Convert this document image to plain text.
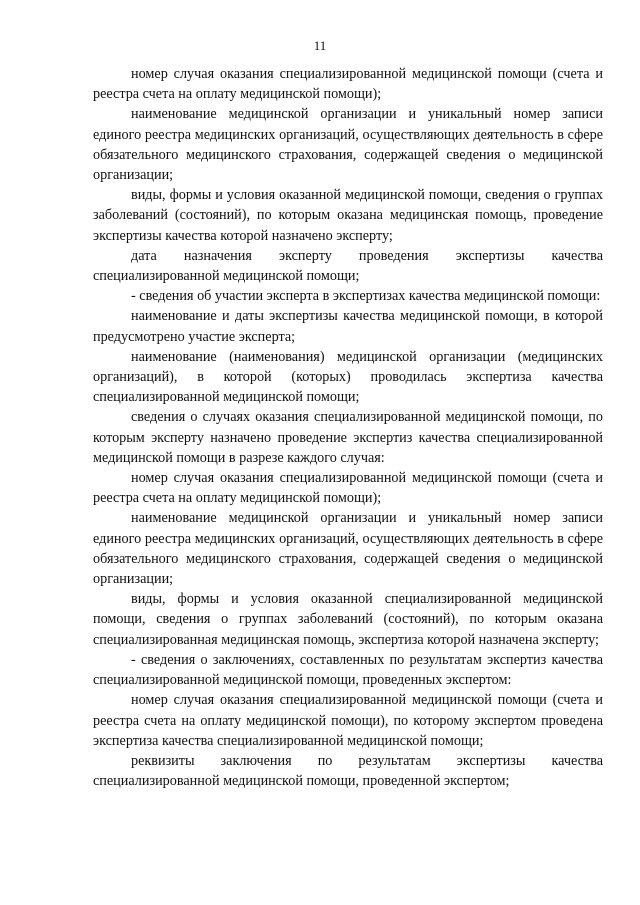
11

номер случая оказания специализированной медицинской помощи (счета и реестра счета на оплату медицинской помощи);

наименование медицинской организации и уникальный номер записи единого реестра медицинских организаций, осуществляющих деятельность в сфере обязательного медицинского страхования, содержащей сведения о медицинской организации;

виды, формы и условия оказанной медицинской помощи, сведения о группах заболеваний (состояний), по которым оказана медицинская помощь, проведение экспертизы качества которой назначено эксперту;

дата назначения эксперту проведения экспертизы качества специализированной медицинской помощи;

- сведения об участии эксперта в экспертизах качества медицинской помощи:

наименование и даты экспертизы качества медицинской помощи, в которой предусмотрено участие эксперта;

наименование (наименования) медицинской организации (медицинских организаций), в которой (которых) проводилась экспертиза качества специализированной медицинской помощи;

сведения о случаях оказания специализированной медицинской помощи, по которым эксперту назначено проведение экспертиз качества специализированной медицинской помощи в разрезе каждого случая:

номер случая оказания специализированной медицинской помощи (счета и реестра счета на оплату медицинской помощи);

наименование медицинской организации и уникальный номер записи единого реестра медицинских организаций, осуществляющих деятельность в сфере обязательного медицинского страхования, содержащей сведения о медицинской организации;

виды, формы и условия оказанной специализированной медицинской помощи, сведения о группах заболеваний (состояний), по которым оказана специализированная медицинская помощь, экспертиза которой назначена эксперту;

- сведения о заключениях, составленных по результатам экспертиз качества специализированной медицинской помощи, проведенных экспертом:

номер случая оказания специализированной медицинской помощи (счета и реестра счета на оплату медицинской помощи), по которому экспертом проведена экспертиза качества специализированной медицинской помощи;

реквизиты заключения по результатам экспертизы качества специализированной медицинской помощи, проведенной экспертом;
